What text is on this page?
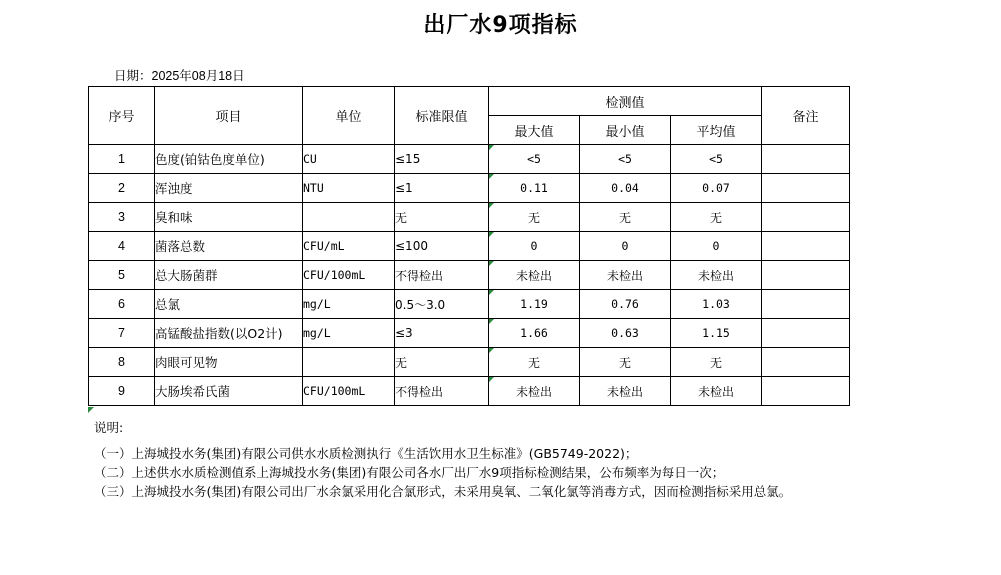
出厂水9项指标
日期：2025年08月18日
序号	项目	单位	标准限值	检测值			备注
				最大值	最小值	平均值	
1	色度(铂钴色度单位)	CU	≤15	<5	<5	<5	
2	浑浊度	NTU	≤1	0.11	0.04	0.07	
3	臭和味		无	无	无	无	
4	菌落总数	CFU/mL	≤100	0	0	0	
5	总大肠菌群	CFU/100mL	不得检出	未检出	未检出	未检出	
6	总氯	mg/L	0.5～3.0	1.19	0.76	1.03	
7	高锰酸盐指数(以O2计)	mg/L	≤3	1.66	0.63	1.15	
8	肉眼可见物		无	无	无	无	
9	大肠埃希氏菌	CFU/100mL	不得检出	未检出	未检出	未检出	
说明:
（一）上海城投水务(集团)有限公司供水水质检测执行《生活饮用水卫生标准》(GB5749-2022)；
（二）上述供水水质检测值系上海城投水务(集团)有限公司各水厂出厂水9项指标检测结果，公布频率为每日一次；
（三）上海城投水务(集团)有限公司出厂水余氯采用化合氯形式，未采用臭氧、二氧化氯等消毒方式，因而检测指标采用总氯。
